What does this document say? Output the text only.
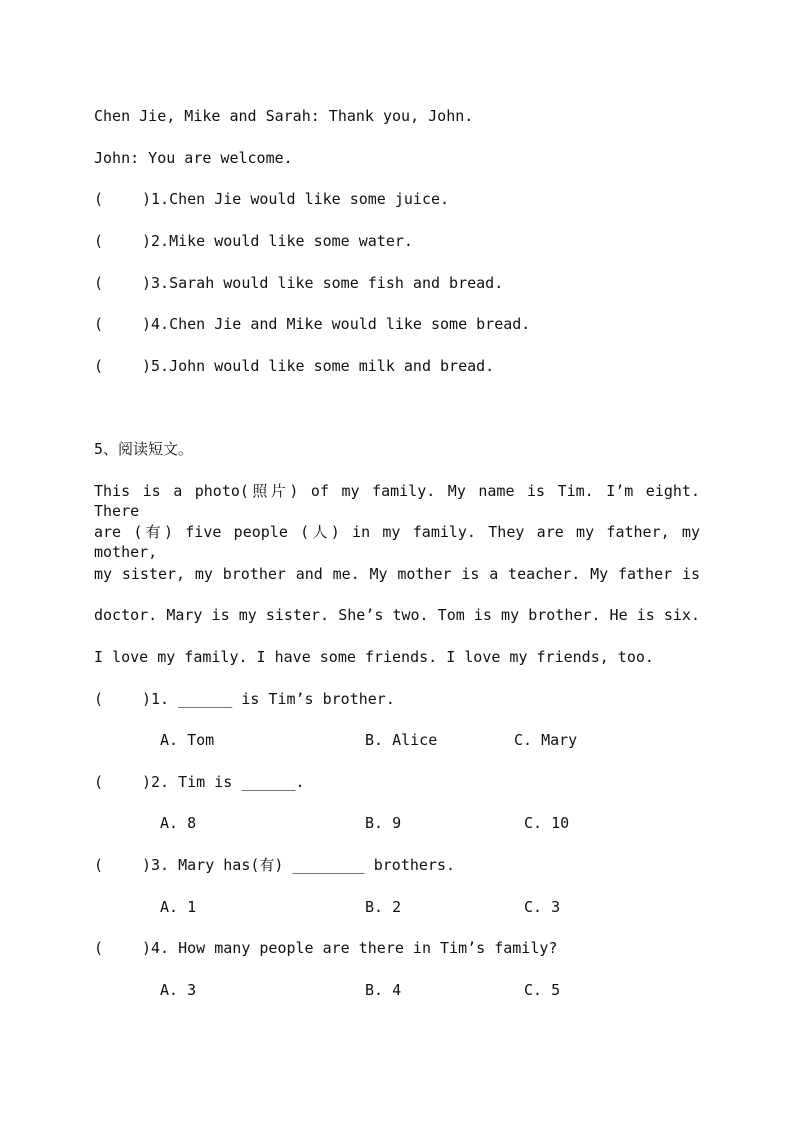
Chen Jie, Mike and Sarah: Thank you, John.

John: You are welcome.

(	)1.Chen Jie would like some juice.

(	)2.Mike would like some water.

(	)3.Sarah would like some fish and bread.

(	)4.Chen Jie and Mike would like some bread.

(	)5.John would like some milk and bread.

5、阅读短文。

This is a photo(照片) of my family. My name is Tim. I’m eight. There

are (有) five people (人) in my family. They are my father, my mother,

my sister, my brother and me. My mother is a teacher. My father is

doctor. Mary is my sister. She’s two. Tom is my brother. He is six.

I love my family. I have some friends. I love my friends, too.

(	)1. ______ is Tim’s brother.

A. Tom	B. Alice	C. Mary

(	)2. Tim is ______.

A. 8	B. 9	C. 10

(	)3. Mary has(有) ________ brothers.

A. 1	B. 2	C. 3

(	)4. How many people are there in Tim’s family?

A. 3	B. 4	C. 5
